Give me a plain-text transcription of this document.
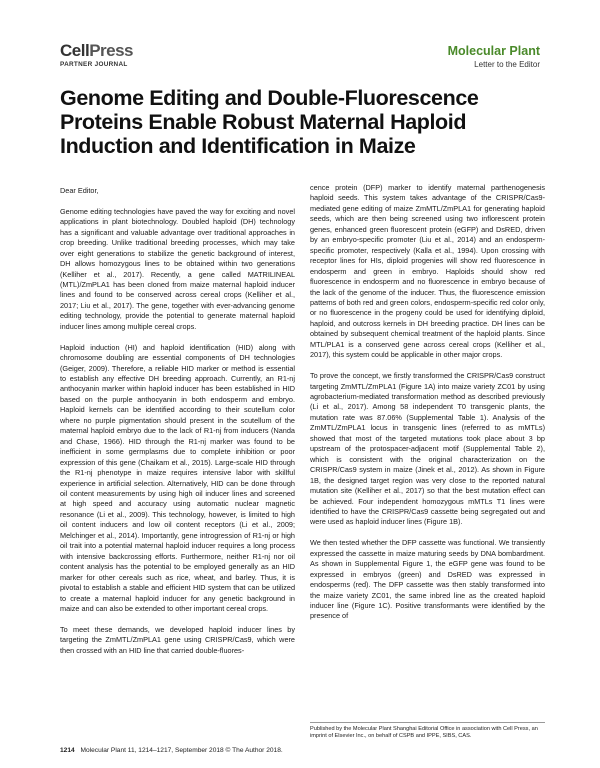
CellPress
PARTNER JOURNAL
Molecular Plant
Letter to the Editor
Genome Editing and Double-Fluorescence Proteins Enable Robust Maternal Haploid Induction and Identification in Maize

Dear Editor,

Genome editing technologies have paved the way for exciting and novel applications in plant biotechnology. Doubled haploid (DH) technology has a significant and valuable advantage over traditional approaches in crop breeding. Unlike traditional breeding processes, which may take over eight generations to stabilize the genetic background of interest, DH allows homozygous lines to be obtained within two generations (Kelliher et al., 2017). Recently, a gene called MATRILINEAL (MTL)/ZmPLA1 has been cloned from maize maternal haploid inducer lines and found to be conserved across cereal crops (Kelliher et al., 2017; Liu et al., 2017). The gene, together with ever-advancing genome editing technology, provide the potential to generate maternal haploid inducer lines among multiple cereal crops.

Haploid induction (HI) and haploid identification (HID) along with chromosome doubling are essential components of DH technologies (Geiger, 2009). Therefore, a reliable HID marker or method is essential to establish any effective DH breeding approach. Currently, an R1-nj anthocyanin marker within haploid inducer has been established in HID based on the purple anthocyanin in both endosperm and embryo. Haploid kernels can be identified according to their scutellum color where no purple pigmentation should present in the scutellum of the maternal haploid embryo due to the lack of R1-nj from inducers (Nanda and Chase, 1966). HID through the R1-nj marker was found to be inefficient in some germplasms due to complete inhibition or poor expression of this gene (Chaikam et al., 2015). Large-scale HID through the R1-nj phenotype in maize requires intensive labor with skillful experience in artificial selection. Alternatively, HID can be done through oil content measurements by using high oil inducer lines and screened at high speed and accuracy using automatic nuclear magnetic resonance (Li et al., 2009). This technology, however, is limited to high oil content inducers and low oil content receptors (Li et al., 2009; Melchinger et al., 2014). Importantly, gene introgression of R1-nj or high oil trait into a potential maternal haploid inducer requires a long process with intensive backcrossing efforts. Furthermore, neither R1-nj nor oil content analysis has the potential to be employed generally as an HID marker for other cereals such as rice, wheat, and barley. Thus, it is pivotal to establish a stable and efficient HID system that can be utilized to create a maternal haploid inducer for any genetic background in maize and can also be extended to other important cereal crops.

To meet these demands, we developed haploid inducer lines by targeting the ZmMTL/ZmPLA1 gene using CRISPR/Cas9, which were then crossed with an HID line that carried double-fluores-

cence protein (DFP) marker to identify maternal parthenogenesis haploid seeds. This system takes advantage of the CRISPR/Cas9-mediated gene editing of maize ZmMTL/ZmPLA1 for generating haploid seeds, which are then being screened using two inflorescent protein genes, enhanced green fluorescent protein (eGFP) and DsRED, driven by an embryo-specific promoter (Liu et al., 2014) and an endosperm-specific promoter, respectively (Kalla et al., 1994). Upon crossing with receptor lines for HIs, diploid progenies will show red fluorescence in endosperm and green in embryo. Haploids should show red fluorescence in endosperm and no fluorescence in embryo because of the lack of the genome of the inducer. Thus, the fluorescence emission patterns of both red and green colors, endosperm-specific red color only, or no fluorescence in the progeny could be used for identifying diploid, haploid, and outcross kernels in DH breeding practice. DH lines can be obtained by subsequent chemical treatment of the haploid plants. Since MTL/PLA1 is a conserved gene across cereal crops (Kelliher et al., 2017), this system could be applicable in other major crops.

To prove the concept, we firstly transformed the CRISPR/Cas9 construct targeting ZmMTL/ZmPLA1 (Figure 1A) into maize variety ZC01 by using agrobacterium-mediated transformation method as described previously (Li et al., 2017). Among 58 independent T0 transgenic plants, the mutation rate was 87.06% (Supplemental Table 1). Analysis of the ZmMTL/ZmPLA1 locus in transgenic lines (referred to as mMTLs) showed that most of the targeted mutations took place about 3 bp upstream of the protospacer-adjacent motif (Supplemental Table 2), which is consistent with the original characterization on the CRISPR/Cas9 system in maize (Jinek et al., 2012). As shown in Figure 1B, the designed target region was very close to the reported natural mutation site (Kelliher et al., 2017) so that the best mutation effect can be achieved. Four independent homozygous mMTLs T1 lines were identified to have the CRISPR/Cas9 cassette being segregated out and were used as haploid inducer lines (Figure 1B).

We then tested whether the DFP cassette was functional. We transiently expressed the cassette in maize maturing seeds by DNA bombardment. As shown in Supplemental Figure 1, the eGFP gene was found to be expressed in embryos (green) and DsRED was expressed in endosperms (red). The DFP cassette was then stably transformed into the maize variety ZC01, the same inbred line as the created haploid inducer line (Figure 1C). Positive transformants were identified by the presence of

Published by the Molecular Plant Shanghai Editorial Office in association with Cell Press, an imprint of Elsevier Inc., on behalf of CSPB and IPPE, SIBS, CAS.
1214 Molecular Plant 11, 1214–1217, September 2018 © The Author 2018.
